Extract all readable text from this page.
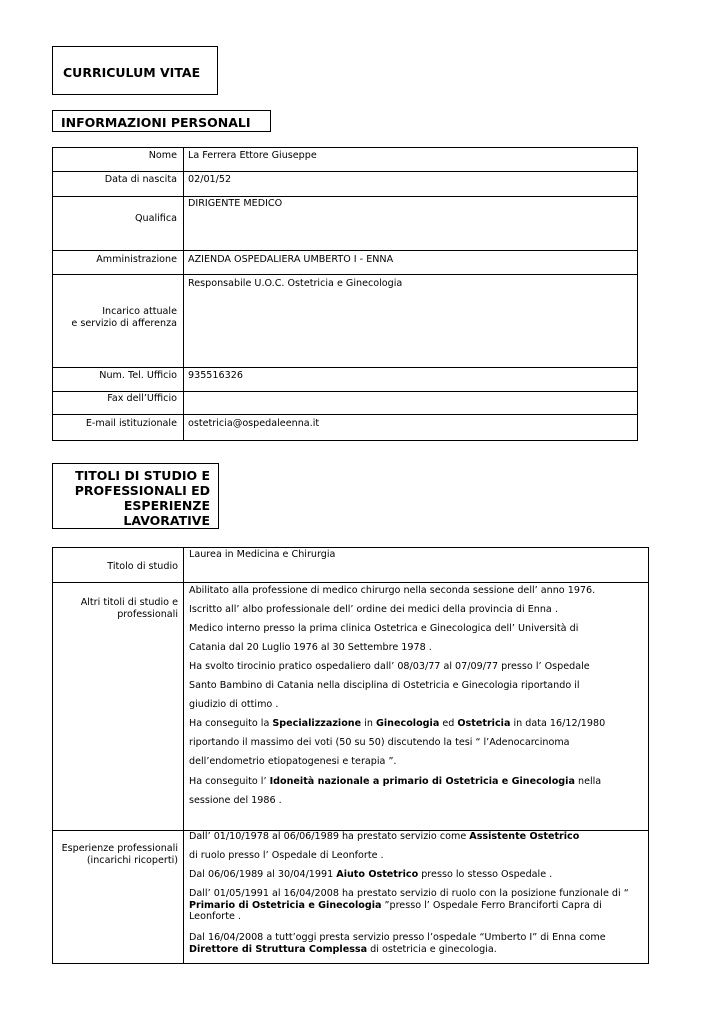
CURRICULUM VITAE
INFORMAZIONI PERSONALI
Nome La Ferrera Ettore Giuseppe
Data di nascita 02/01/52
Qualifica
DIRIGENTE MEDICO
Amministrazione AZIENDA OSPEDALIERA UMBERTO I - ENNA
Incarico attuale
e servizio di afferenza
Responsabile U.O.C. Ostetricia e Ginecologia
Num. Tel. Ufficio 935516326
Fax dell’Ufficio
E-mail istituzionale ostetricia@ospedaleenna.it
TITOLI DI STUDIO E
PROFESSIONALI ED
ESPERIENZE
LAVORATIVE
Titolo di studio
Laurea in Medicina e Chirurgia
Altri titoli di studio e professionali
Abilitato alla professione di medico chirurgo nella seconda sessione dell’ anno 1976.
Iscritto all’ albo professionale dell’ ordine dei medici della provincia di Enna .
Medico interno presso la prima clinica Ostetrica e Ginecologica dell’ Università di
Catania dal 20 Luglio 1976 al 30 Settembre 1978 .
Ha svolto tirocinio pratico ospedaliero dall’ 08/03/77 al 07/09/77 presso l’ Ospedale
Santo Bambino di Catania nella disciplina di Ostetricia e Ginecologia riportando il
giudizio di ottimo .
Ha conseguito la Specializzazione in Ginecologia ed Ostetricia in data 16/12/1980
riportando il massimo dei voti (50 su 50) discutendo la tesi “ l’Adenocarcinoma
dell’endometrio etiopatogenesi e terapia ”.
Ha conseguito l’ Idoneità nazionale a primario di Ostetricia e Ginecologia nella
sessione del 1986 .
Esperienze professionali (incarichi ricoperti)
Dall’ 01/10/1978 al 06/06/1989 ha prestato servizio come Assistente Ostetrico
di ruolo presso l’ Ospedale di Leonforte .
Dal 06/06/1989 al 30/04/1991 Aiuto Ostetrico presso lo stesso Ospedale .
Dall’ 01/05/1991 al 16/04/2008 ha prestato servizio di ruolo con la posizione funzionale di “ Primario di Ostetricia e Ginecologia ”presso l’ Ospedale Ferro Branciforti Capra di Leonforte .
Dal 16/04/2008 a tutt’oggi presta servizio presso l’ospedale “Umberto I” di Enna come Direttore di Struttura Complessa di ostetricia e ginecologia.
